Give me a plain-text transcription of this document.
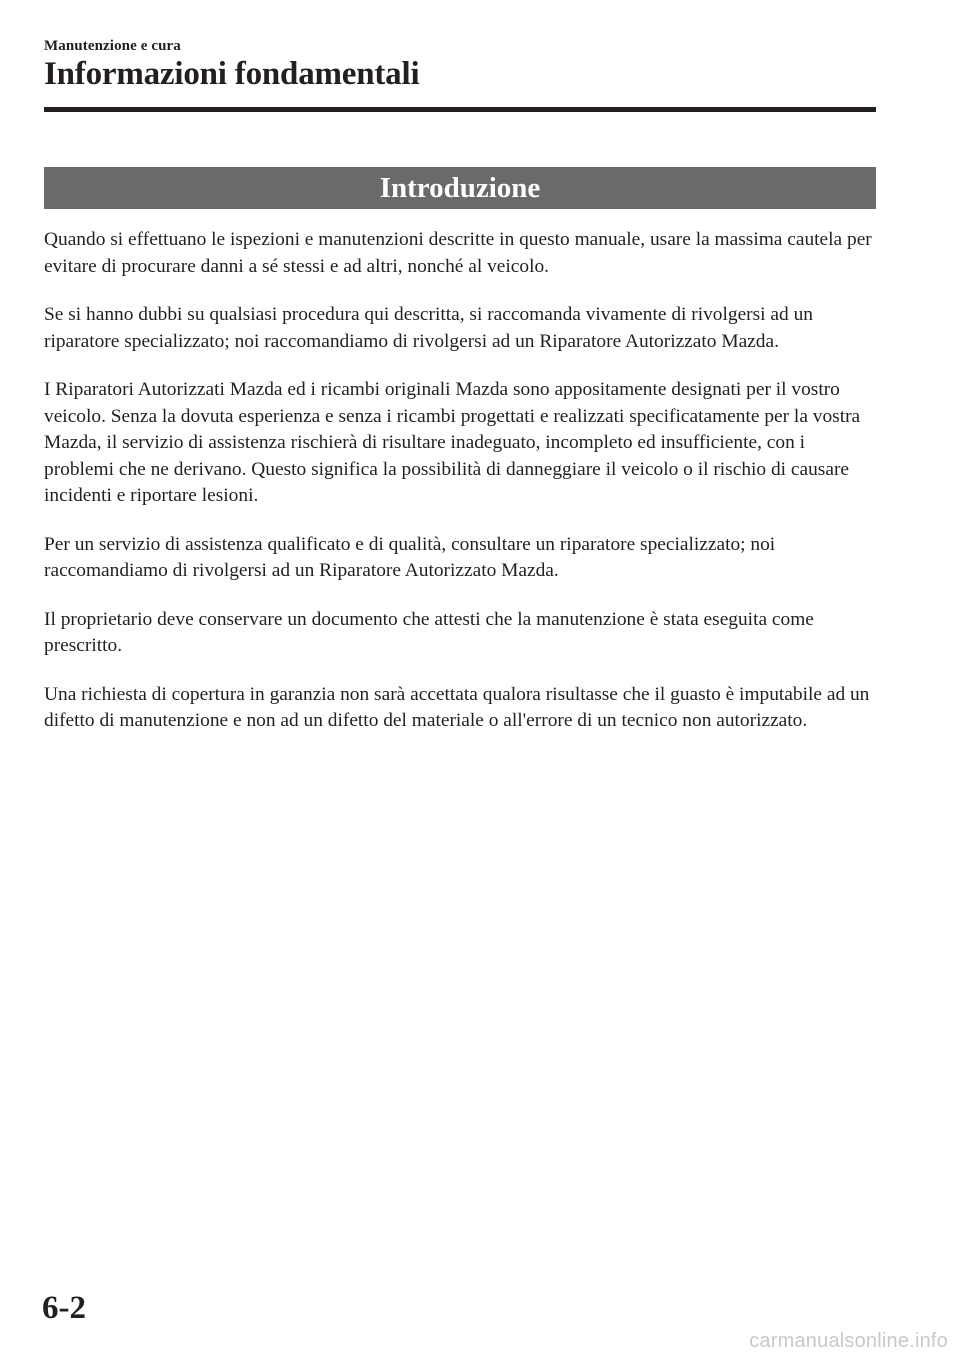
Manutenzione e cura
Informazioni fondamentali
Introduzione

Quando si effettuano le ispezioni e manutenzioni descritte in questo manuale, usare la massima cautela per evitare di procurare danni a sé stessi e ad altri, nonché al veicolo.

Se si hanno dubbi su qualsiasi procedura qui descritta, si raccomanda vivamente di rivolgersi ad un riparatore specializzato; noi raccomandiamo di rivolgersi ad un Riparatore Autorizzato Mazda.

I Riparatori Autorizzati Mazda ed i ricambi originali Mazda sono appositamente designati per il vostro veicolo. Senza la dovuta esperienza e senza i ricambi progettati e realizzati specificatamente per la vostra Mazda, il servizio di assistenza rischierà di risultare inadeguato, incompleto ed insufficiente, con i problemi che ne derivano. Questo significa la possibilità di danneggiare il veicolo o il rischio di causare incidenti e riportare lesioni.

Per un servizio di assistenza qualificato e di qualità, consultare un riparatore specializzato; noi raccomandiamo di rivolgersi ad un Riparatore Autorizzato Mazda.

Il proprietario deve conservare un documento che attesti che la manutenzione è stata eseguita come prescritto.

Una richiesta di copertura in garanzia non sarà accettata qualora risultasse che il guasto è imputabile ad un difetto di manutenzione e non ad un difetto del materiale o all'errore di un tecnico non autorizzato.

6-2
carmanualsonline.info
